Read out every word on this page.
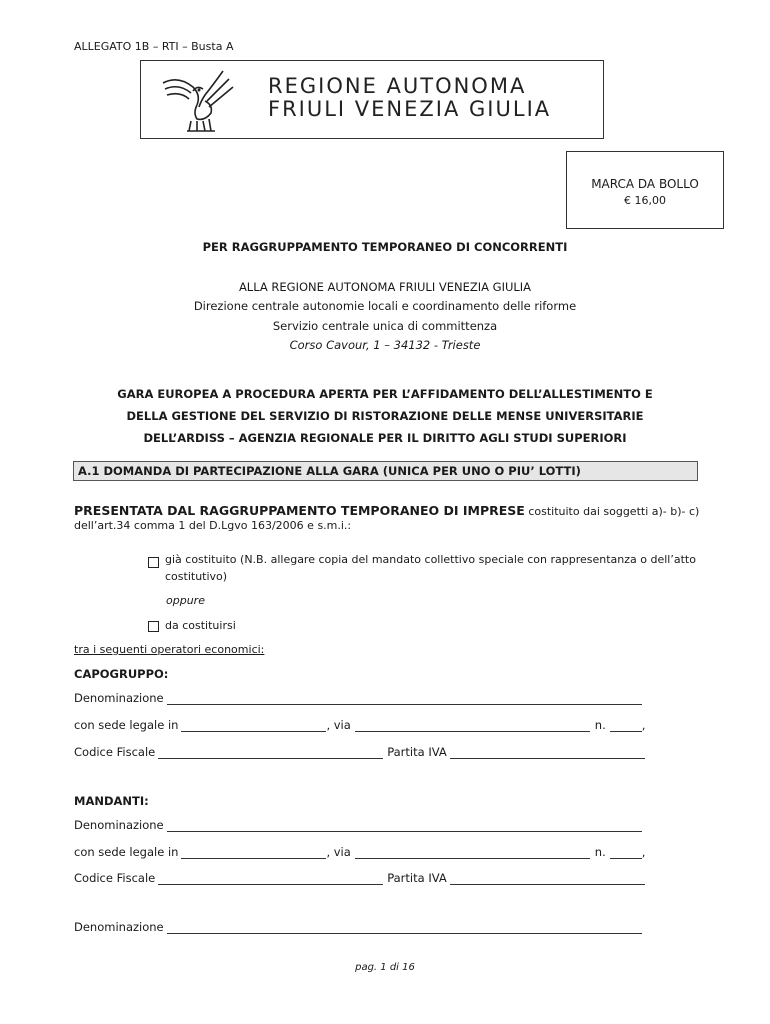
ALLEGATO 1B – RTI – Busta A
REGIONE AUTONOMA
FRIULI VENEZIA GIULIA
MARCA DA BOLLO
€ 16,00
PER RAGGRUPPAMENTO TEMPORANEO DI CONCORRENTI
ALLA REGIONE AUTONOMA FRIULI VENEZIA GIULIA
Direzione centrale autonomie locali e coordinamento delle riforme
Servizio centrale unica di committenza
Corso Cavour, 1 – 34132 - Trieste
GARA EUROPEA A PROCEDURA APERTA PER L’AFFIDAMENTO DELL’ALLESTIMENTO E
DELLA GESTIONE DEL SERVIZIO DI RISTORAZIONE DELLE MENSE UNIVERSITARIE
DELL’ARDISS – AGENZIA REGIONALE PER IL DIRITTO AGLI STUDI SUPERIORI
A.1 DOMANDA DI PARTECIPAZIONE ALLA GARA (UNICA PER UNO O PIU’ LOTTI)
PRESENTATA DAL RAGGRUPPAMENTO TEMPORANEO DI IMPRESE costituito dai soggetti a)- b)- c)
dell’art.34 comma 1 del D.Lgvo 163/2006 e s.m.i.:
già costituito (N.B. allegare copia del mandato collettivo speciale con rappresentanza o dell’atto
costitutivo)
oppure
da costituirsi
tra i seguenti operatori economici:
CAPOGRUPPO:
Denominazione
con sede legale in	, via	n.	,
Codice Fiscale	Partita IVA
MANDANTI:
Denominazione
con sede legale in	, via	n.	,
Codice Fiscale	Partita IVA
Denominazione
pag. 1 di 16
